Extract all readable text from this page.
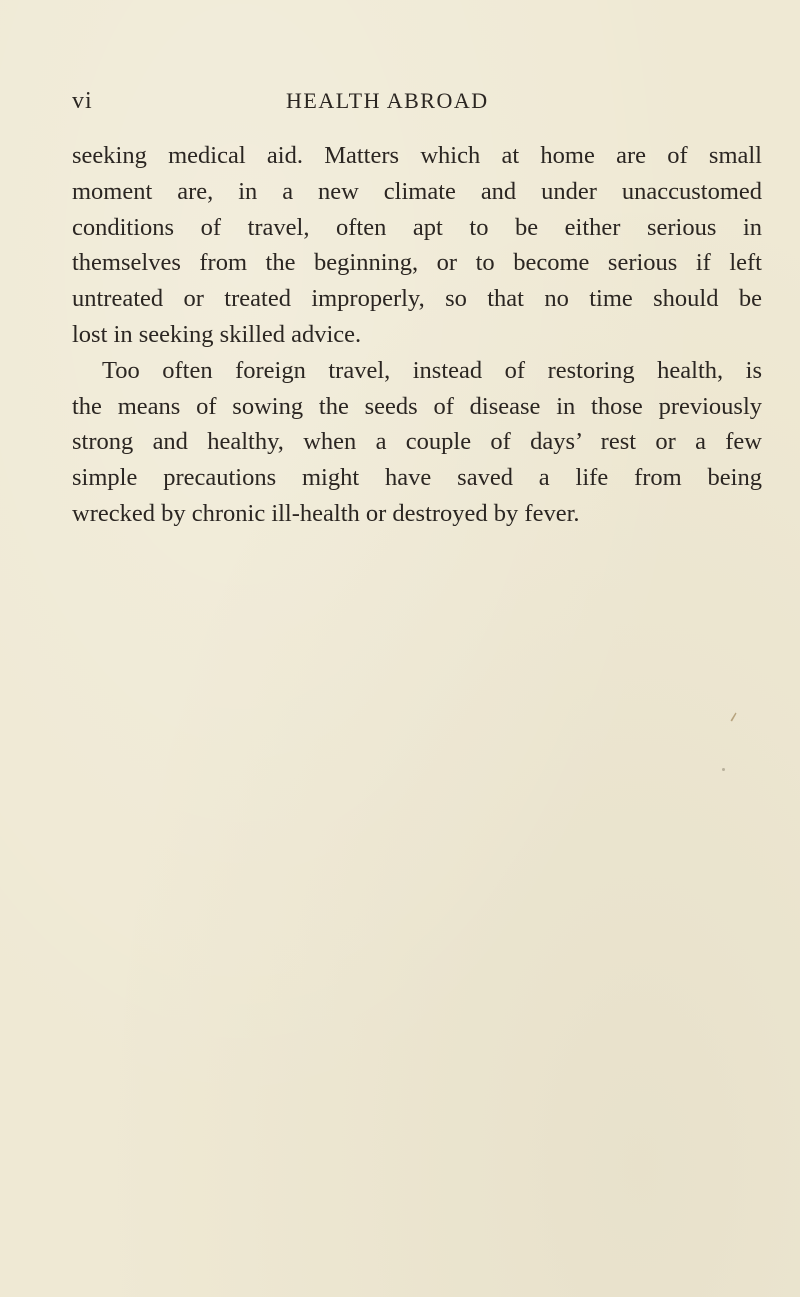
vi	HEALTH ABROAD
seeking medical aid. Matters which at home are of small
moment are, in a new climate and under unaccustomed
conditions of travel, often apt to be either serious in
themselves from the beginning, or to become serious if left
untreated or treated improperly, so that no time should be
lost in seeking skilled advice.
Too often foreign travel, instead of restoring health, is
the means of sowing the seeds of disease in those previously
strong and healthy, when a couple of days’ rest or a few
simple precautions might have saved a life from being
wrecked by chronic ill-health or destroyed by fever.
